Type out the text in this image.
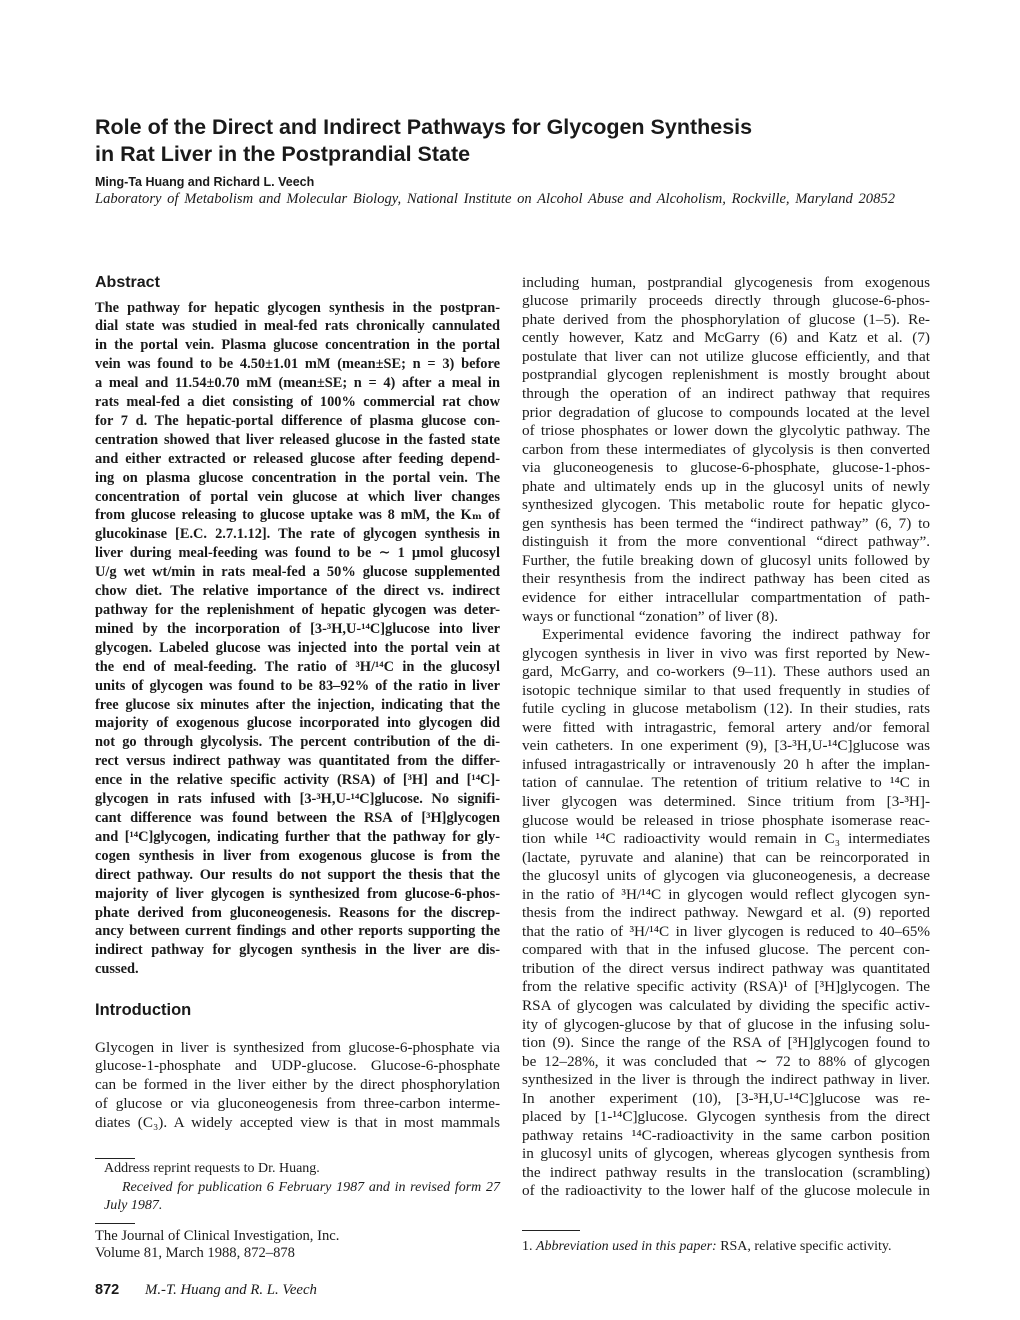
Role of the Direct and Indirect Pathways for Glycogen Synthesis
in Rat Liver in the Postprandial State
Ming-Ta Huang and Richard L. Veech
Laboratory of Metabolism and Molecular Biology, National Institute on Alcohol Abuse and Alcoholism, Rockville, Maryland 20852
Abstract
The pathway for hepatic glycogen synthesis in the postpran-
dial state was studied in meal-fed rats chronically cannulated
in the portal vein. Plasma glucose concentration in the portal
vein was found to be 4.50±1.01 mM (mean±SE; n = 3) before
a meal and 11.54±0.70 mM (mean±SE; n = 4) after a meal in
rats meal-fed a diet consisting of 100% commercial rat chow
for 7 d. The hepatic-portal difference of plasma glucose con-
centration showed that liver released glucose in the fasted state
and either extracted or released glucose after feeding depend-
ing on plasma glucose concentration in the portal vein. The
concentration of portal vein glucose at which liver changes
from glucose releasing to glucose uptake was 8 mM, the Kₘ of
glucokinase [E.C. 2.7.1.12]. The rate of glycogen synthesis in
liver during meal-feeding was found to be ∼ 1 µmol glucosyl
U/g wet wt/min in rats meal-fed a 50% glucose supplemented
chow diet. The relative importance of the direct vs. indirect
pathway for the replenishment of hepatic glycogen was deter-
mined by the incorporation of [3-³H,U-¹⁴C]glucose into liver
glycogen. Labeled glucose was injected into the portal vein at
the end of meal-feeding. The ratio of ³H/¹⁴C in the glucosyl
units of glycogen was found to be 83–92% of the ratio in liver
free glucose six minutes after the injection, indicating that the
majority of exogenous glucose incorporated into glycogen did
not go through glycolysis. The percent contribution of the di-
rect versus indirect pathway was quantitated from the differ-
ence in the relative specific activity (RSA) of [³H] and [¹⁴C]-
glycogen in rats infused with [3-³H,U-¹⁴C]glucose. No signifi-
cant difference was found between the RSA of [³H]glycogen
and [¹⁴C]glycogen, indicating further that the pathway for gly-
cogen synthesis in liver from exogenous glucose is from the
direct pathway. Our results do not support the thesis that the
majority of liver glycogen is synthesized from glucose-6-phos-
phate derived from gluconeogenesis. Reasons for the discrep-
ancy between current findings and other reports supporting the
indirect pathway for glycogen synthesis in the liver are dis-
cussed.
Introduction
Glycogen in liver is synthesized from glucose-6-phosphate via
glucose-1-phosphate and UDP-glucose. Glucose-6-phosphate
can be formed in the liver either by the direct phosphorylation
of glucose or via gluconeogenesis from three-carbon interme-
diates (C₃). A widely accepted view is that in most mammals
Address reprint requests to Dr. Huang.
Received for publication 6 February 1987 and in revised form 27
July 1987.
The Journal of Clinical Investigation, Inc.
Volume 81, March 1988, 872–878
including human, postprandial glycogenesis from exogenous
glucose primarily proceeds directly through glucose-6-phos-
phate derived from the phosphorylation of glucose (1–5). Re-
cently however, Katz and McGarry (6) and Katz et al. (7)
postulate that liver can not utilize glucose efficiently, and that
postprandial glycogen replenishment is mostly brought about
through the operation of an indirect pathway that requires
prior degradation of glucose to compounds located at the level
of triose phosphates or lower down the glycolytic pathway. The
carbon from these intermediates of glycolysis is then converted
via gluconeogenesis to glucose-6-phosphate, glucose-1-phos-
phate and ultimately ends up in the glucosyl units of newly
synthesized glycogen. This metabolic route for hepatic glyco-
gen synthesis has been termed the “indirect pathway” (6, 7) to
distinguish it from the more conventional “direct pathway”.
Further, the futile breaking down of glucosyl units followed by
their resynthesis from the indirect pathway has been cited as
evidence for either intracellular compartmentation of path-
ways or functional “zonation” of liver (8).
Experimental evidence favoring the indirect pathway for
glycogen synthesis in liver in vivo was first reported by New-
gard, McGarry, and co-workers (9–11). These authors used an
isotopic technique similar to that used frequently in studies of
futile cycling in glucose metabolism (12). In their studies, rats
were fitted with intragastric, femoral artery and/or femoral
vein catheters. In one experiment (9), [3-³H,U-¹⁴C]glucose was
infused intragastrically or intravenously 20 h after the implan-
tation of cannulae. The retention of tritium relative to ¹⁴C in
liver glycogen was determined. Since tritium from [3-³H]-
glucose would be released in triose phosphate isomerase reac-
tion while ¹⁴C radioactivity would remain in C₃ intermediates
(lactate, pyruvate and alanine) that can be reincorporated in
the glucosyl units of glycogen via gluconeogenesis, a decrease
in the ratio of ³H/¹⁴C in glycogen would reflect glycogen syn-
thesis from the indirect pathway. Newgard et al. (9) reported
that the ratio of ³H/¹⁴C in liver glycogen is reduced to 40–65%
compared with that in the infused glucose. The percent con-
tribution of the direct versus indirect pathway was quantitated
from the relative specific activity (RSA)¹ of [³H]glycogen. The
RSA of glycogen was calculated by dividing the specific activ-
ity of glycogen-glucose by that of glucose in the infusing solu-
tion (9). Since the range of the RSA of [³H]glycogen found to
be 12–28%, it was concluded that ∼ 72 to 88% of glycogen
synthesized in the liver is through the indirect pathway in liver.
In another experiment (10), [3-³H,U-¹⁴C]glucose was re-
placed by [1-¹⁴C]glucose. Glycogen synthesis from the direct
pathway retains ¹⁴C-radioactivity in the same carbon position
in glucosyl units of glycogen, whereas glycogen synthesis from
the indirect pathway results in the translocation (scrambling)
of the radioactivity to the lower half of the glucose molecule in
1. Abbreviation used in this paper: RSA, relative specific activity.
872 M.-T. Huang and R. L. Veech
